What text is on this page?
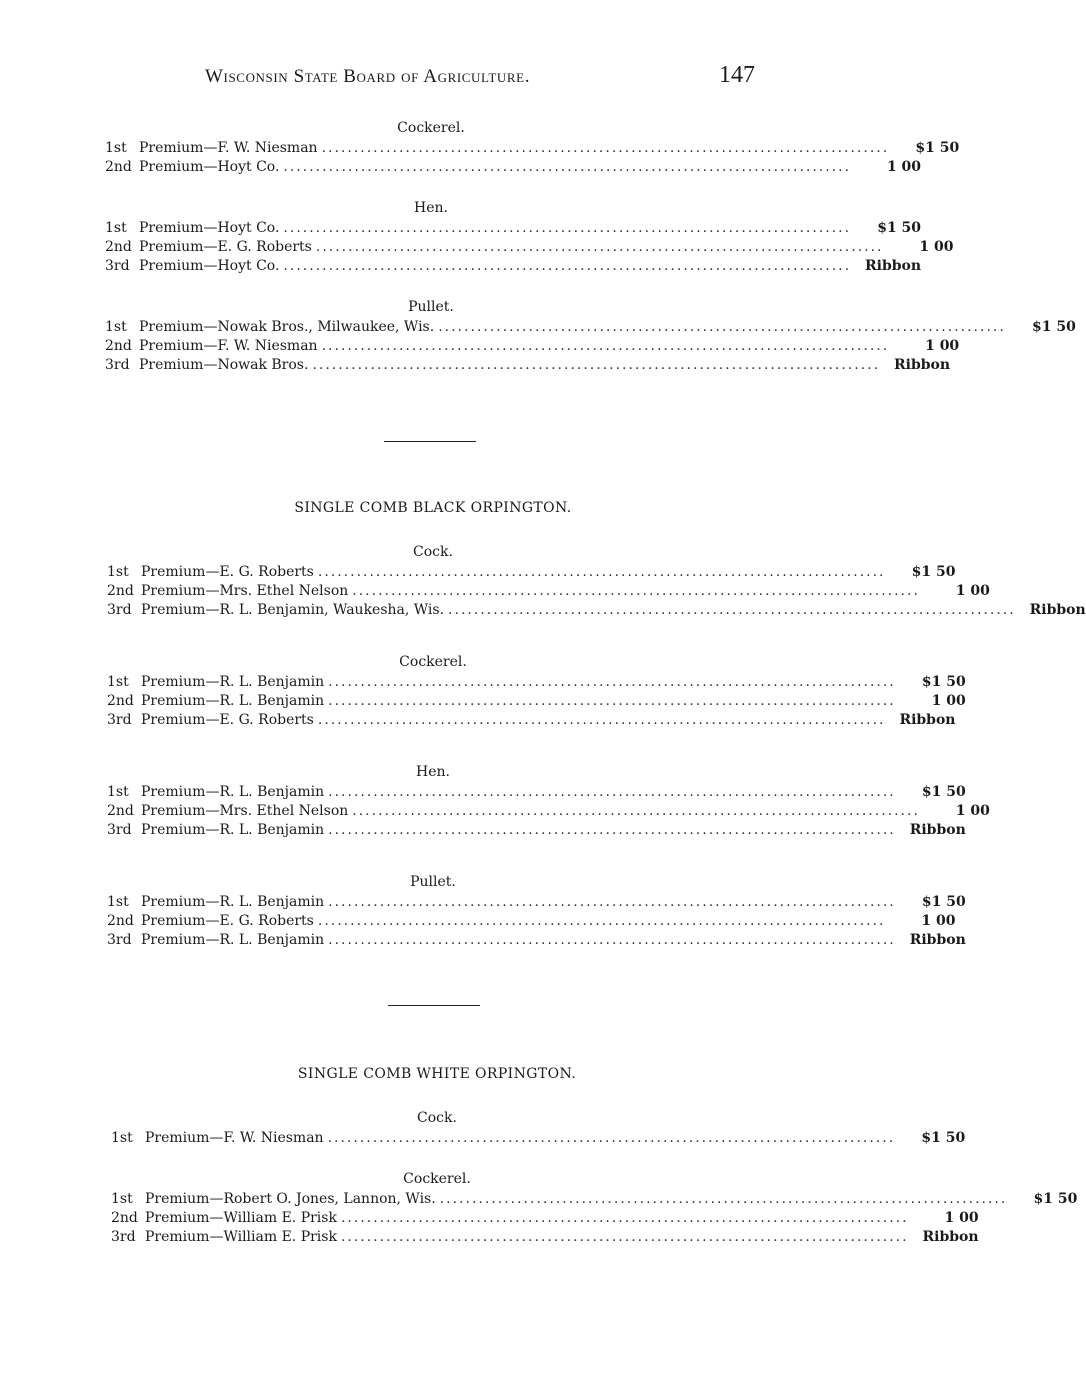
Wisconsin State Board of Agriculture.	147
Cockerel.
1st Premium—F. W. Niesman ........................................................................................	$1 50
2nd Premium—Hoyt Co. ........................................................................................	1 00
Hen.
1st Premium—Hoyt Co. ........................................................................................	$1 50
2nd Premium—E. G. Roberts ........................................................................................	1 00
3rd Premium—Hoyt Co. ........................................................................................ Ribbon
Pullet.
1st Premium—Nowak Bros., Milwaukee, Wis. ........................................................................................	$1 50
2nd Premium—F. W. Niesman ........................................................................................	1 00
3rd Premium—Nowak Bros. ........................................................................................ Ribbon
SINGLE COMB BLACK ORPINGTON.
Cock.
1st Premium—E. G. Roberts ........................................................................................	$1 50
2nd Premium—Mrs. Ethel Nelson ........................................................................................	1 00
3rd Premium—R. L. Benjamin, Waukesha, Wis. ........................................................................................ Ribbon
Cockerel.
1st Premium—R. L. Benjamin ........................................................................................	$1 50
2nd Premium—R. L. Benjamin ........................................................................................	1 00
3rd Premium—E. G. Roberts ........................................................................................ Ribbon
Hen.
1st Premium—R. L. Benjamin ........................................................................................	$1 50
2nd Premium—Mrs. Ethel Nelson ........................................................................................	1 00
3rd Premium—R. L. Benjamin ........................................................................................ Ribbon
Pullet.
1st Premium—R. L. Benjamin ........................................................................................	$1 50
2nd Premium—E. G. Roberts ........................................................................................	1 00
3rd Premium—R. L. Benjamin ........................................................................................ Ribbon
SINGLE COMB WHITE ORPINGTON.
Cock.
1st Premium—F. W. Niesman ........................................................................................	$1 50
Cockerel.
1st Premium—Robert O. Jones, Lannon, Wis. ........................................................................................	$1 50
2nd Premium—William E. Prisk ........................................................................................	1 00
3rd Premium—William E. Prisk ........................................................................................ Ribbon
